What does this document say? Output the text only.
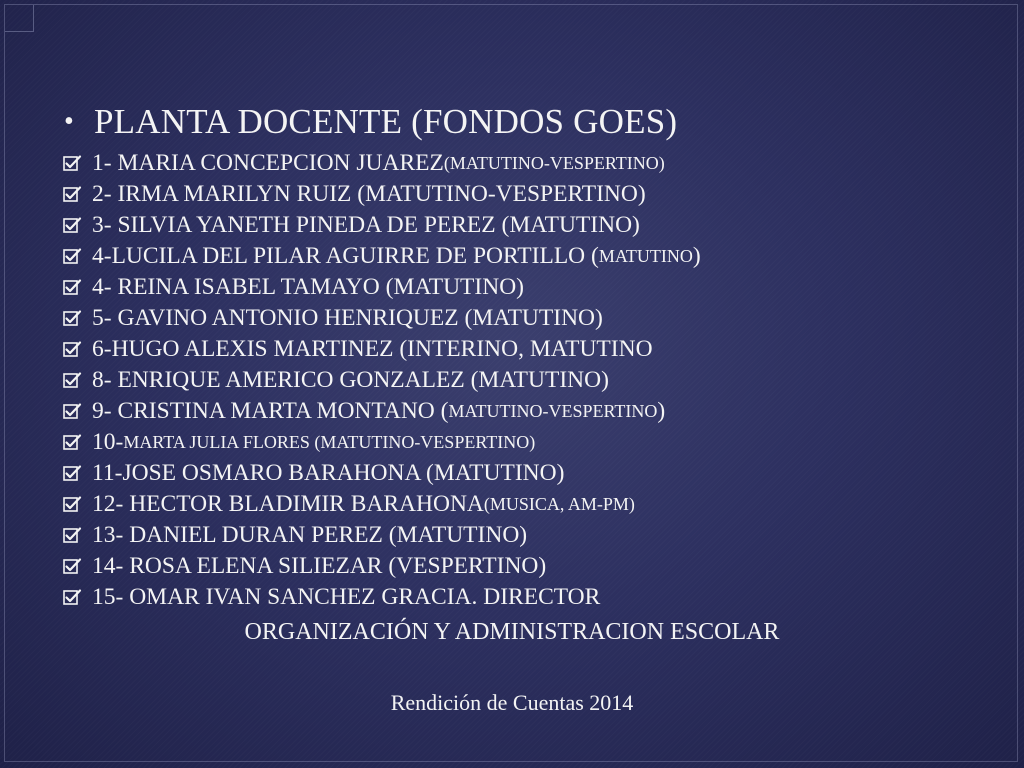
• PLANTA DOCENTE (FONDOS GOES)
1- MARIA CONCEPCION JUAREZ (MATUTINO-VESPERTINO)
2- IRMA MARILYN RUIZ (MATUTINO-VESPERTINO)
3- SILVIA YANETH PINEDA DE PEREZ (MATUTINO)
4-LUCILA DEL PILAR AGUIRRE DE PORTILLO ( MATUTINO )
4- REINA ISABEL TAMAYO (MATUTINO)
5- GAVINO ANTONIO HENRIQUEZ (MATUTINO)
6-HUGO ALEXIS MARTINEZ (INTERINO, MATUTINO
8- ENRIQUE AMERICO GONZALEZ (MATUTINO)
9- CRISTINA MARTA MONTANO ( MATUTINO-VESPERTINO )
10- MARTA JULIA FLORES (MATUTINO-VESPERTINO)
11-JOSE OSMARO BARAHONA (MATUTINO)
12- HECTOR BLADIMIR BARAHONA (MUSICA, AM-PM)
13- DANIEL DURAN PEREZ (MATUTINO)
14- ROSA ELENA SILIEZAR (VESPERTINO)
15- OMAR IVAN SANCHEZ GRACIA. DIRECTOR
ORGANIZACIÓN Y ADMINISTRACION ESCOLAR
Rendición de Cuentas 2014
